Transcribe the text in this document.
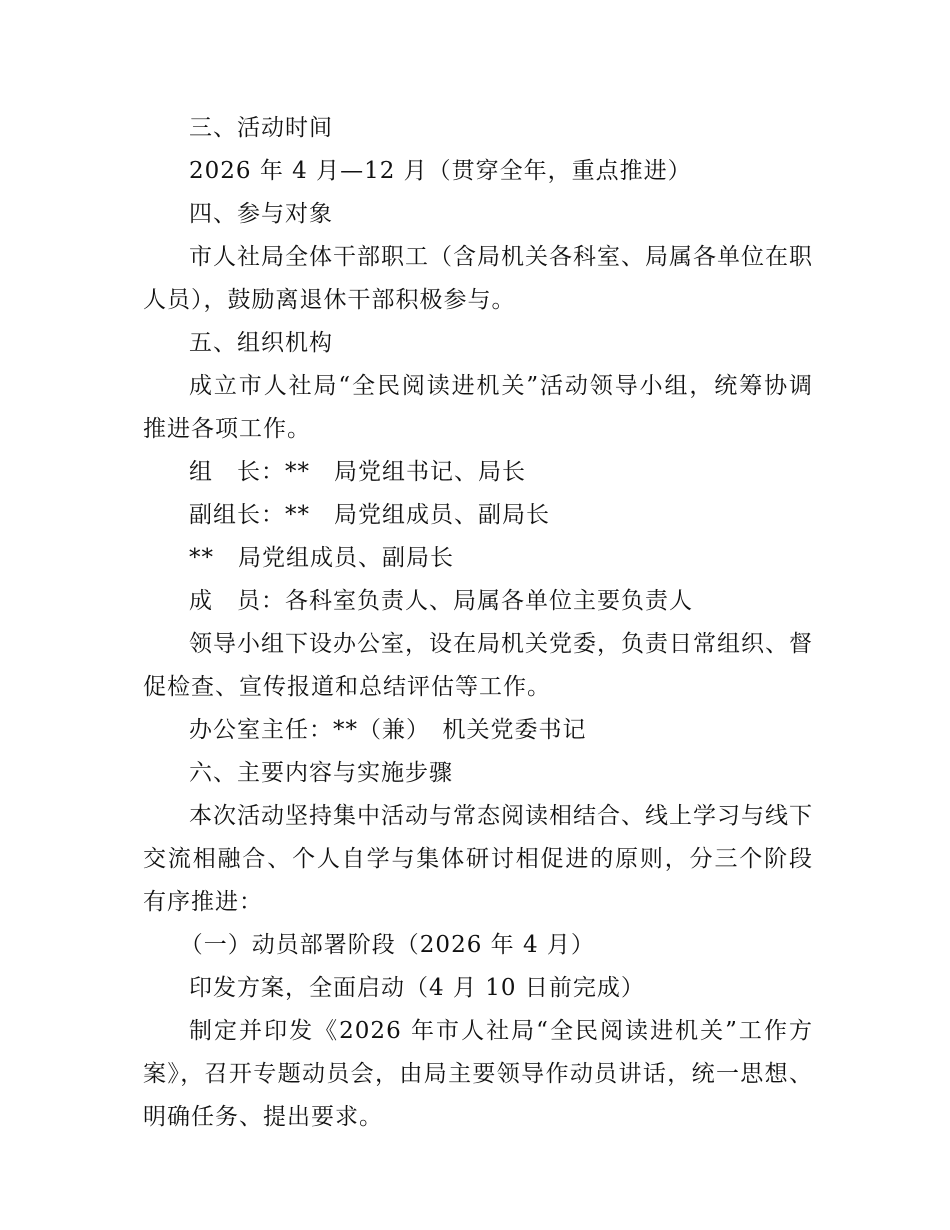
三、活动时间

2026 年 4 月—12 月（贯穿全年，重点推进）

四、参与对象

市人社局全体干部职工（含局机关各科室、局属各单位在职人员），鼓励离退休干部积极参与。

五、组织机构

成立市人社局“全民阅读进机关”活动领导小组，统筹协调推进各项工作。

组　长：**　局党组书记、局长

副组长：**　局党组成员、副局长

**　局党组成员、副局长

成　员：各科室负责人、局属各单位主要负责人

领导小组下设办公室，设在局机关党委，负责日常组织、督促检查、宣传报道和总结评估等工作。

办公室主任：**（兼）　机关党委书记

六、主要内容与实施步骤

本次活动坚持集中活动与常态阅读相结合、线上学习与线下交流相融合、个人自学与集体研讨相促进的原则，分三个阶段有序推进：

（一）动员部署阶段（2026 年 4 月）

印发方案，全面启动（4 月 10 日前完成）

制定并印发《2026 年市人社局“全民阅读进机关”工作方案》，召开专题动员会，由局主要领导作动员讲话，统一思想、明确任务、提出要求。
